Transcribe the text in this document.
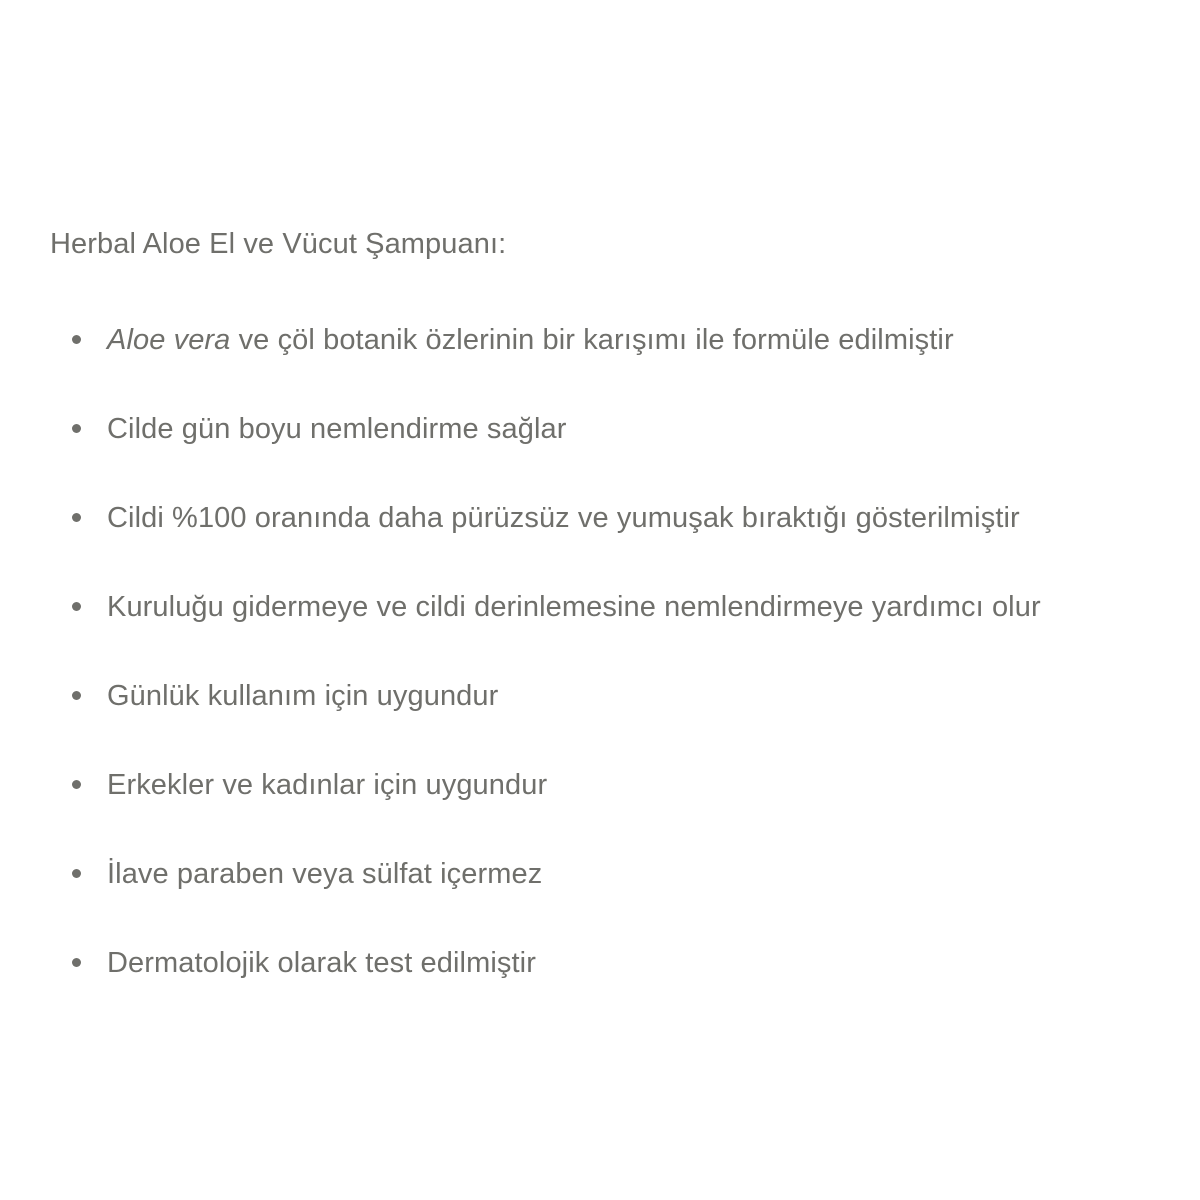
Herbal Aloe El ve Vücut Şampuanı:
Aloe vera ve çöl botanik özlerinin bir karışımı ile formüle edilmiştir
Cilde gün boyu nemlendirme sağlar
Cildi %100 oranında daha pürüzsüz ve yumuşak bıraktığı gösterilmiştir
Kuruluğu gidermeye ve cildi derinlemesine nemlendirmeye yardımcı olur
Günlük kullanım için uygundur
Erkekler ve kadınlar için uygundur
İlave paraben veya sülfat içermez
Dermatolojik olarak test edilmiştir
